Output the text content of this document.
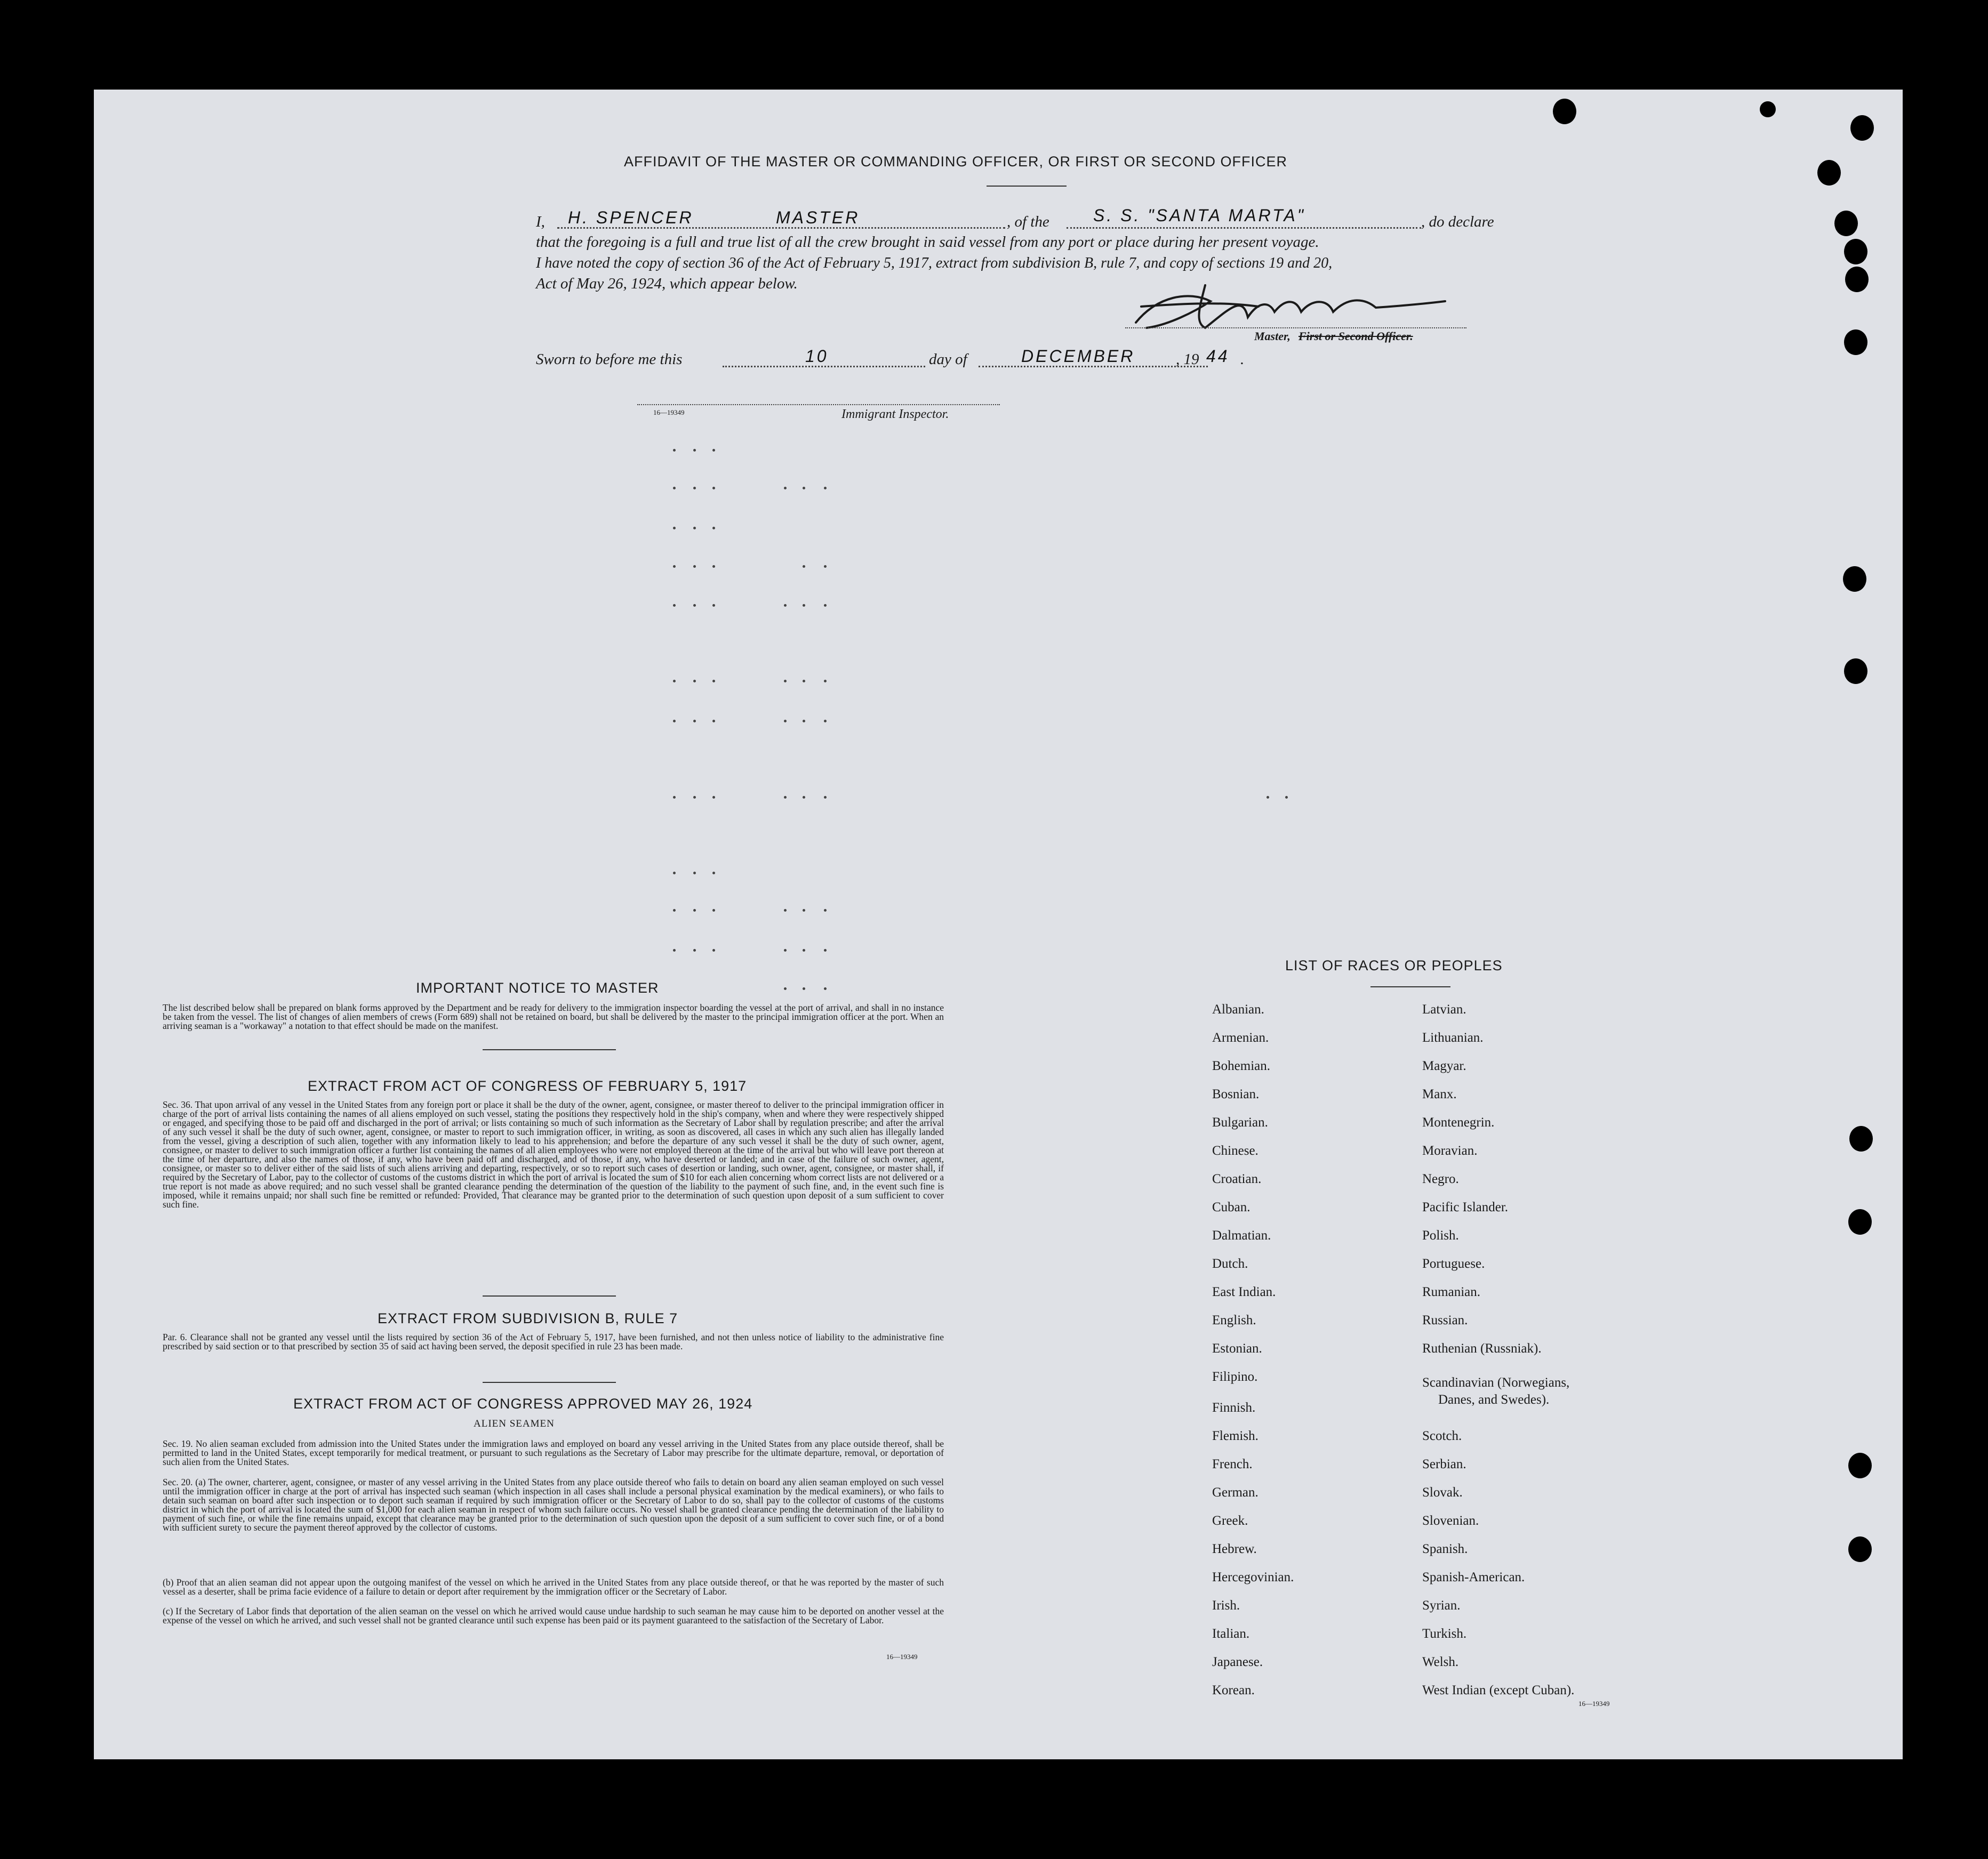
AFFIDAVIT OF THE MASTER OR COMMANDING OFFICER, OR FIRST OR SECOND OFFICER
I, H. SPENCER	MASTER	, of the	S. S. "SANTA MARTA"	, do declare
that the foregoing is a full and true list of all the crew brought in said vessel from any port or place during her present voyage.
I have noted the copy of section 36 of the Act of February 5, 1917, extract from subdivision B, rule 7, and copy of sections 19 and 20,
Act of May 26, 1924, which appear below.
Master, First or Second Officer.
Sworn to before me this	10	day of	DECEMBER	, 19 44 .
16—19349	Immigrant Inspector.
IMPORTANT NOTICE TO MASTER
The list described below shall be prepared on blank forms approved by the Department and be ready for delivery to the immigration inspector boarding the vessel at the port of arrival, and shall in no instance be taken from the vessel. The list of changes of alien members of crews (Form 689) shall not be retained on board, but shall be delivered by the master to the principal immigration officer at the port. When an arriving seaman is a "workaway" a notation to that effect should be made on the manifest.
EXTRACT FROM ACT OF CONGRESS OF FEBRUARY 5, 1917
Sec. 36. That upon arrival of any vessel in the United States from any foreign port or place it shall be the duty of the owner, agent, consignee, or master thereof to deliver to the principal immigration officer in charge of the port of arrival lists containing the names of all aliens employed on such vessel, stating the positions they respectively hold in the ship's company, when and where they were respectively shipped or engaged, and specifying those to be paid off and discharged in the port of arrival; or lists containing so much of such information as the Secretary of Labor shall by regulation prescribe; and after the arrival of any such vessel it shall be the duty of such owner, agent, consignee, or master to report to such immigration officer, in writing, as soon as discovered, all cases in which any such alien has illegally landed from the vessel, giving a description of such alien, together with any information likely to lead to his apprehension; and before the departure of any such vessel it shall be the duty of such owner, agent, consignee, or master to deliver to such immigration officer a further list containing the names of all alien employees who were not employed thereon at the time of the arrival but who will leave port thereon at the time of her departure, and also the names of those, if any, who have been paid off and discharged, and of those, if any, who have deserted or landed; and in case of the failure of such owner, agent, consignee, or master so to deliver either of the said lists of such aliens arriving and departing, respectively, or so to report such cases of desertion or landing, such owner, agent, consignee, or master shall, if required by the Secretary of Labor, pay to the collector of customs of the customs district in which the port of arrival is located the sum of $10 for each alien concerning whom correct lists are not delivered or a true report is not made as above required; and no such vessel shall be granted clearance pending the determination of the question of the liability to the payment of such fine, and, in the event such fine is imposed, while it remains unpaid; nor shall such fine be remitted or refunded: Provided, That clearance may be granted prior to the determination of such question upon deposit of a sum sufficient to cover such fine.
EXTRACT FROM SUBDIVISION B, RULE 7
Par. 6. Clearance shall not be granted any vessel until the lists required by section 36 of the Act of February 5, 1917, have been furnished, and not then unless notice of liability to the administrative fine prescribed by said section or to that prescribed by section 35 of said act having been served, the deposit specified in rule 23 has been made.
EXTRACT FROM ACT OF CONGRESS APPROVED MAY 26, 1924
ALIEN SEAMEN
Sec. 19. No alien seaman excluded from admission into the United States under the immigration laws and employed on board any vessel arriving in the United States from any place outside thereof, shall be permitted to land in the United States, except temporarily for medical treatment, or pursuant to such regulations as the Secretary of Labor may prescribe for the ultimate departure, removal, or deportation of such alien from the United States.
Sec. 20. (a) The owner, charterer, agent, consignee, or master of any vessel arriving in the United States from any place outside thereof who fails to detain on board any alien seaman employed on such vessel until the immigration officer in charge at the port of arrival has inspected such seaman (which inspection in all cases shall include a personal physical examination by the medical examiners), or who fails to detain such seaman on board after such inspection or to deport such seaman if required by such immigration officer or the Secretary of Labor to do so, shall pay to the collector of customs of the customs district in which the port of arrival is located the sum of $1,000 for each alien seaman in respect of whom such failure occurs. No vessel shall be granted clearance pending the determination of the liability to payment of such fine, or while the fine remains unpaid, except that clearance may be granted prior to the determination of such question upon the deposit of a sum sufficient to cover such fine, or of a bond with sufficient surety to secure the payment thereof approved by the collector of customs.
(b) Proof that an alien seaman did not appear upon the outgoing manifest of the vessel on which he arrived in the United States from any place outside thereof, or that he was reported by the master of such vessel as a deserter, shall be prima facie evidence of a failure to detain or deport after requirement by the immigration officer or the Secretary of Labor.
(c) If the Secretary of Labor finds that deportation of the alien seaman on the vessel on which he arrived would cause undue hardship to such seaman he may cause him to be deported on another vessel at the expense of the vessel on which he arrived, and such vessel shall not be granted clearance until such expense has been paid or its payment guaranteed to the satisfaction of the Secretary of Labor.
16—19349
LIST OF RACES OR PEOPLES
Albanian.
Armenian.
Bohemian.
Bosnian.
Bulgarian.
Chinese.
Croatian.
Cuban.
Dalmatian.
Dutch.
East Indian.
English.
Estonian.
Filipino.
Finnish.
Flemish.
French.
German.
Greek.
Hebrew.
Hercegovinian.
Irish.
Italian.
Japanese.
Korean.
Latvian.
Lithuanian.
Magyar.
Manx.
Montenegrin.
Moravian.
Negro.
Pacific Islander.
Polish.
Portuguese.
Rumanian.
Russian.
Ruthenian (Russniak).
Scandinavian (Norwegians,
Danes, and Swedes).
Scotch.
Serbian.
Slovak.
Slovenian.
Spanish.
Spanish-American.
Syrian.
Turkish.
Welsh.
West Indian (except Cuban).
16—19349
